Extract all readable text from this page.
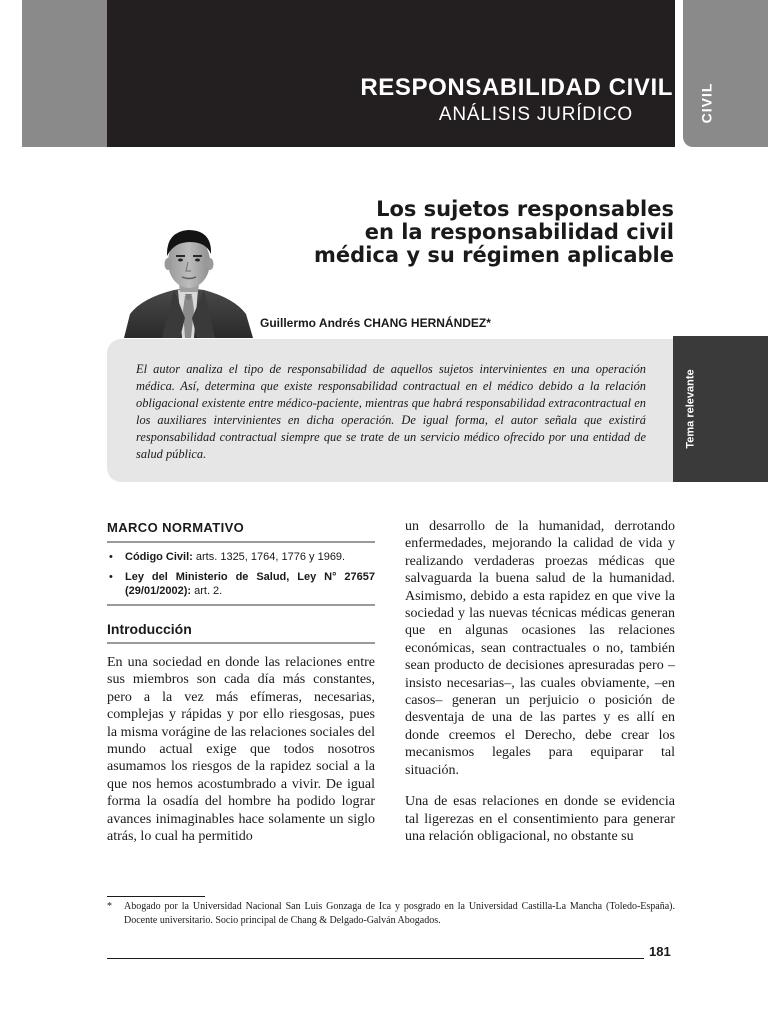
RESPONSABILIDAD CIVIL
ANÁLISIS JURÍDICO	CIVIL
Los sujetos responsables
en la responsabilidad civil
médica y su régimen aplicable
Guillermo Andrés CHANG HERNÁNDEZ*
El autor analiza el tipo de responsabilidad de aquellos sujetos intervinientes en una operación médica. Así, determina que existe responsabilidad contractual en el médico debido a la relación obligacional existente entre médico-paciente, mientras que habrá responsabilidad extracontractual en los auxiliares intervinientes en dicha operación. De igual forma, el autor señala que existirá responsabilidad contractual siempre que se trate de un servicio médico ofrecido por una entidad de salud pública.
Tema relevante
MARCO NORMATIVO
• Código Civil: arts. 1325, 1764, 1776 y 1969.
• Ley del Ministerio de Salud, Ley N° 27657 (29/01/2002): art. 2.
Introducción
En una sociedad en donde las relaciones entre sus miembros son cada día más constantes, pero a la vez más efímeras, necesarias, complejas y rápidas y por ello riesgosas, pues la misma vorágine de las relaciones sociales del mundo actual exige que todos nosotros asumamos los riesgos de la rapidez social a la que nos hemos acostumbrado a vivir. De igual forma la osadía del hombre ha podido lograr avances inimaginables hace solamente un siglo atrás, lo cual ha permitido

un desarrollo de la humanidad, derrotando enfermedades, mejorando la calidad de vida y realizando verdaderas proezas médicas que salvaguarda la buena salud de la humanidad. Asimismo, debido a esta rapidez en que vive la sociedad y las nuevas técnicas médicas generan que en algunas ocasiones las relaciones económicas, sean contractuales o no, también sean producto de decisiones apresuradas pero –insisto necesarias–, las cuales obviamente, –en casos– generan un perjuicio o posición de desventaja de una de las partes y es allí en donde creemos el Derecho, debe crear los mecanismos legales para equiparar tal situación.

Una de esas relaciones en donde se evidencia tal ligerezas en el consentimiento para generar una relación obligacional, no obstante su

* Abogado por la Universidad Nacional San Luis Gonzaga de Ica y posgrado en la Universidad Castilla-La Mancha (Toledo-España). Docente universitario. Socio principal de Chang & Delgado-Galván Abogados.
181
